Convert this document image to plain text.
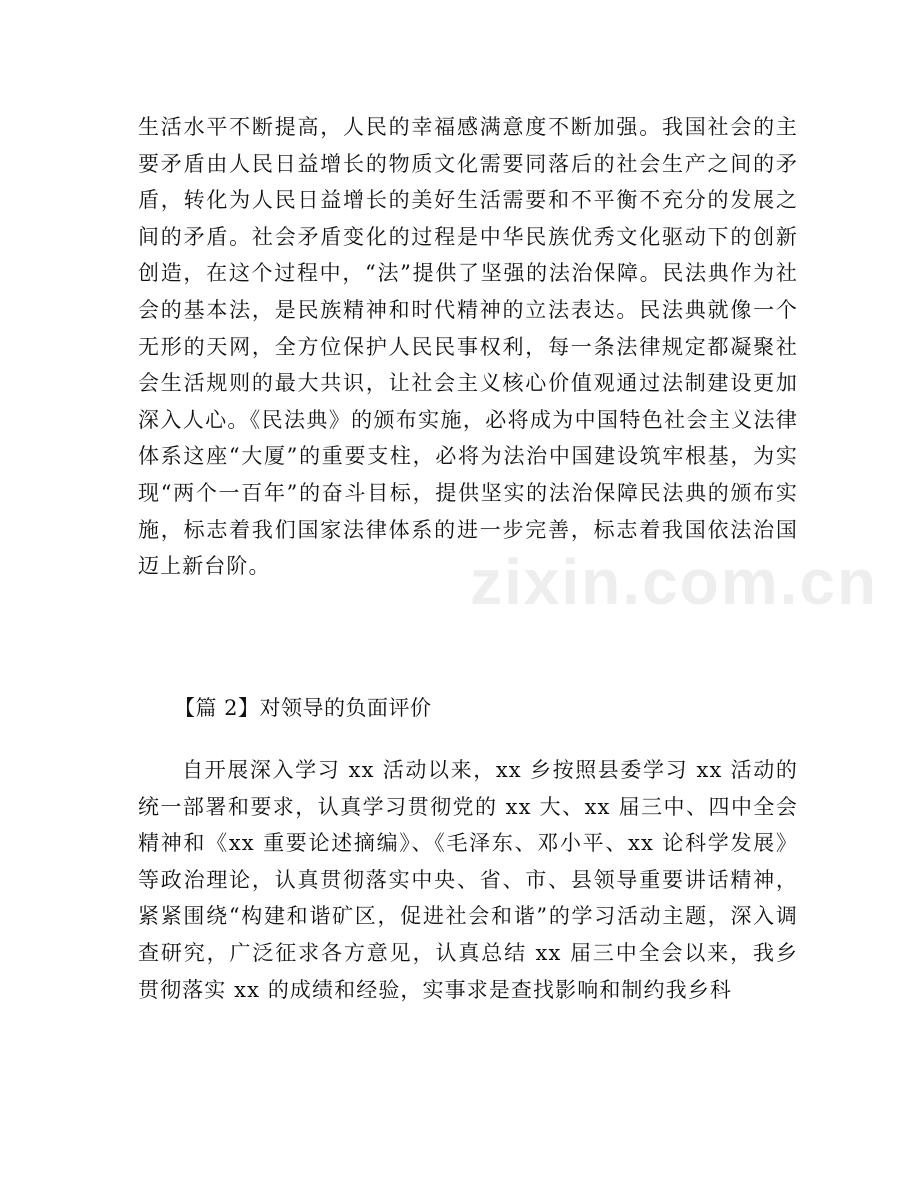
生活水平不断提高，人民的幸福感满意度不断加强。我国社会的主要矛盾由人民日益增长的物质文化需要同落后的社会生产之间的矛盾，转化为人民日益增长的美好生活需要和不平衡不充分的发展之间的矛盾。社会矛盾变化的过程是中华民族优秀文化驱动下的创新创造，在这个过程中，“法”提供了坚强的法治保障。民法典作为社会的基本法，是民族精神和时代精神的立法表达。民法典就像一个无形的天网，全方位保护人民民事权利，每一条法律规定都凝聚社会生活规则的最大共识，让社会主义核心价值观通过法制建设更加深入人心。《民法典》的颁布实施，必将成为中国特色社会主义法律体系这座“大厦”的重要支柱，必将为法治中国建设筑牢根基，为实现“两个一百年”的奋斗目标，提供坚实的法治保障民法典的颁布实施，标志着我们国家法律体系的进一步完善，标志着我国依法治国迈上新台阶。

【篇 2】对领导的负面评价

自开展深入学习 xx 活动以来，xx 乡按照县委学习 xx 活动的统一部署和要求，认真学习贯彻党的 xx 大、xx 届三中、四中全会精神和《xx 重要论述摘编》、《毛泽东、邓小平、xx 论科学发展》等政治理论，认真贯彻落实中央、省、市、县领导重要讲话精神，紧紧围绕“构建和谐矿区，促进社会和谐”的学习活动主题，深入调查研究，广泛征求各方意见，认真总结 xx 届三中全会以来，我乡贯彻落实 xx 的成绩和经验，实事求是查找影响和制约我乡科

zixin.com.cn
